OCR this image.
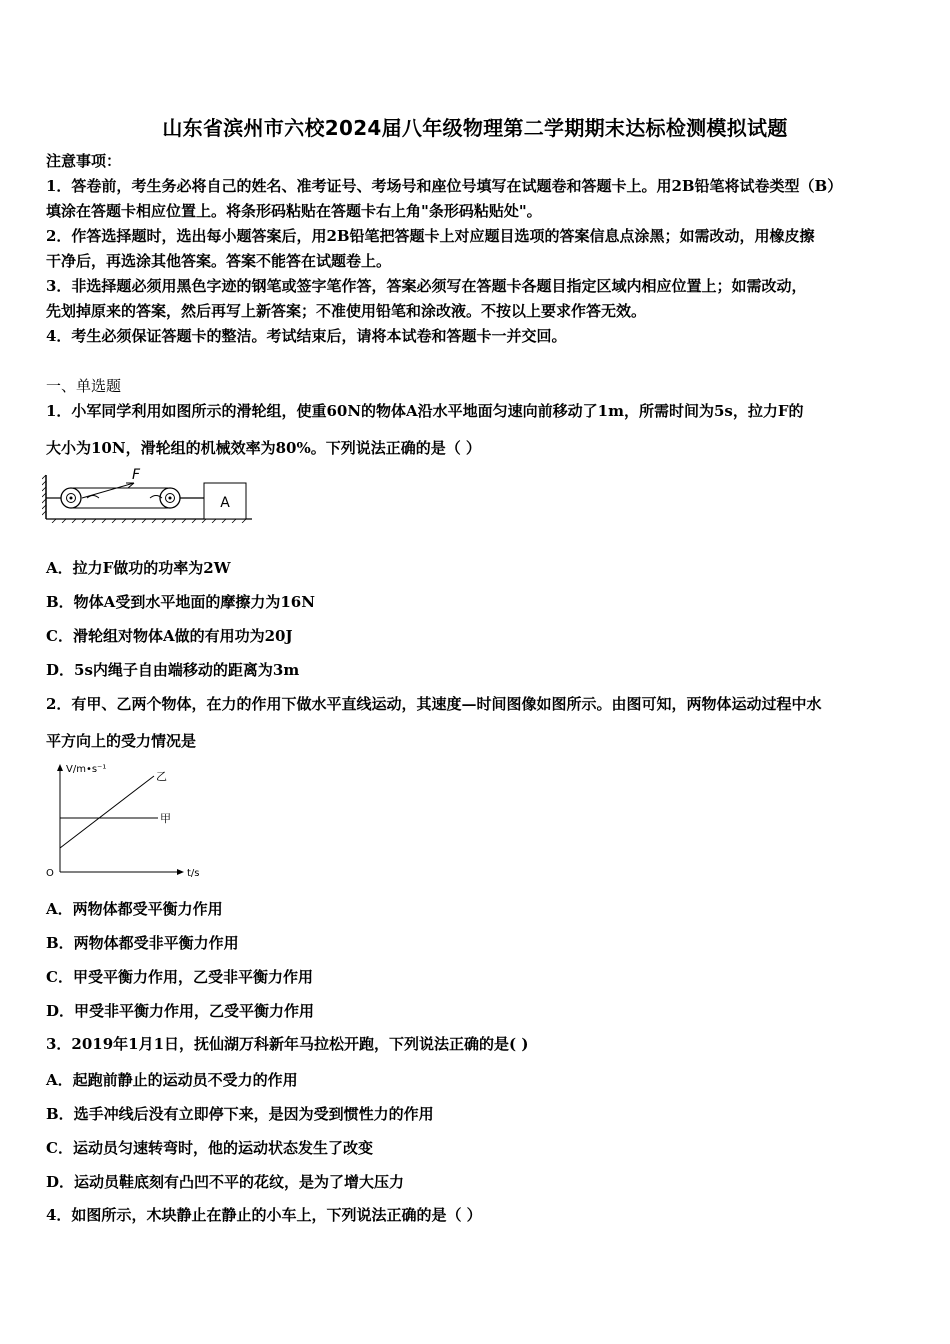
山东省滨州市六校2024届八年级物理第二学期期末达标检测模拟试题
注意事项：
1．答卷前，考生务必将自己的姓名、准考证号、考场号和座位号填写在试题卷和答题卡上。用2B铅笔将试卷类型（B）
填涂在答题卡相应位置上。将条形码粘贴在答题卡右上角"条形码粘贴处"。
2．作答选择题时，选出每小题答案后，用2B铅笔把答题卡上对应题目选项的答案信息点涂黑；如需改动，用橡皮擦
干净后，再选涂其他答案。答案不能答在试题卷上。
3．非选择题必须用黑色字迹的钢笔或签字笔作答，答案必须写在答题卡各题目指定区域内相应位置上；如需改动，
先划掉原来的答案，然后再写上新答案；不准使用铅笔和涂改液。不按以上要求作答无效。
4．考生必须保证答题卡的整洁。考试结束后，请将本试卷和答题卡一并交回。
一、单选题
1．小军同学利用如图所示的滑轮组，使重60N的物体A沿水平地面匀速向前移动了1m，所需时间为5s，拉力F的
大小为10N，滑轮组的机械效率为80%。下列说法正确的是（ ）
F
A
A．拉力F做功的功率为2W
B．物体A受到水平地面的摩擦力为16N
C．滑轮组对物体A做的有用功为20J
D．5s内绳子自由端移动的距离为3m
2．有甲、乙两个物体，在力的作用下做水平直线运动，其速度—时间图像如图所示。由图可知，两物体运动过程中水
平方向上的受力情况是
V/m•s⁻¹
t/s
O
甲
乙
A．两物体都受平衡力作用
B．两物体都受非平衡力作用
C．甲受平衡力作用，乙受非平衡力作用
D．甲受非平衡力作用，乙受平衡力作用
3．2019年1月1日，抚仙湖万科新年马拉松开跑，下列说法正确的是( )
A．起跑前静止的运动员不受力的作用
B．选手冲线后没有立即停下来，是因为受到惯性力的作用
C．运动员匀速转弯时，他的运动状态发生了改变
D．运动员鞋底刻有凸凹不平的花纹，是为了增大压力
4．如图所示，木块静止在静止的小车上，下列说法正确的是（ ）
